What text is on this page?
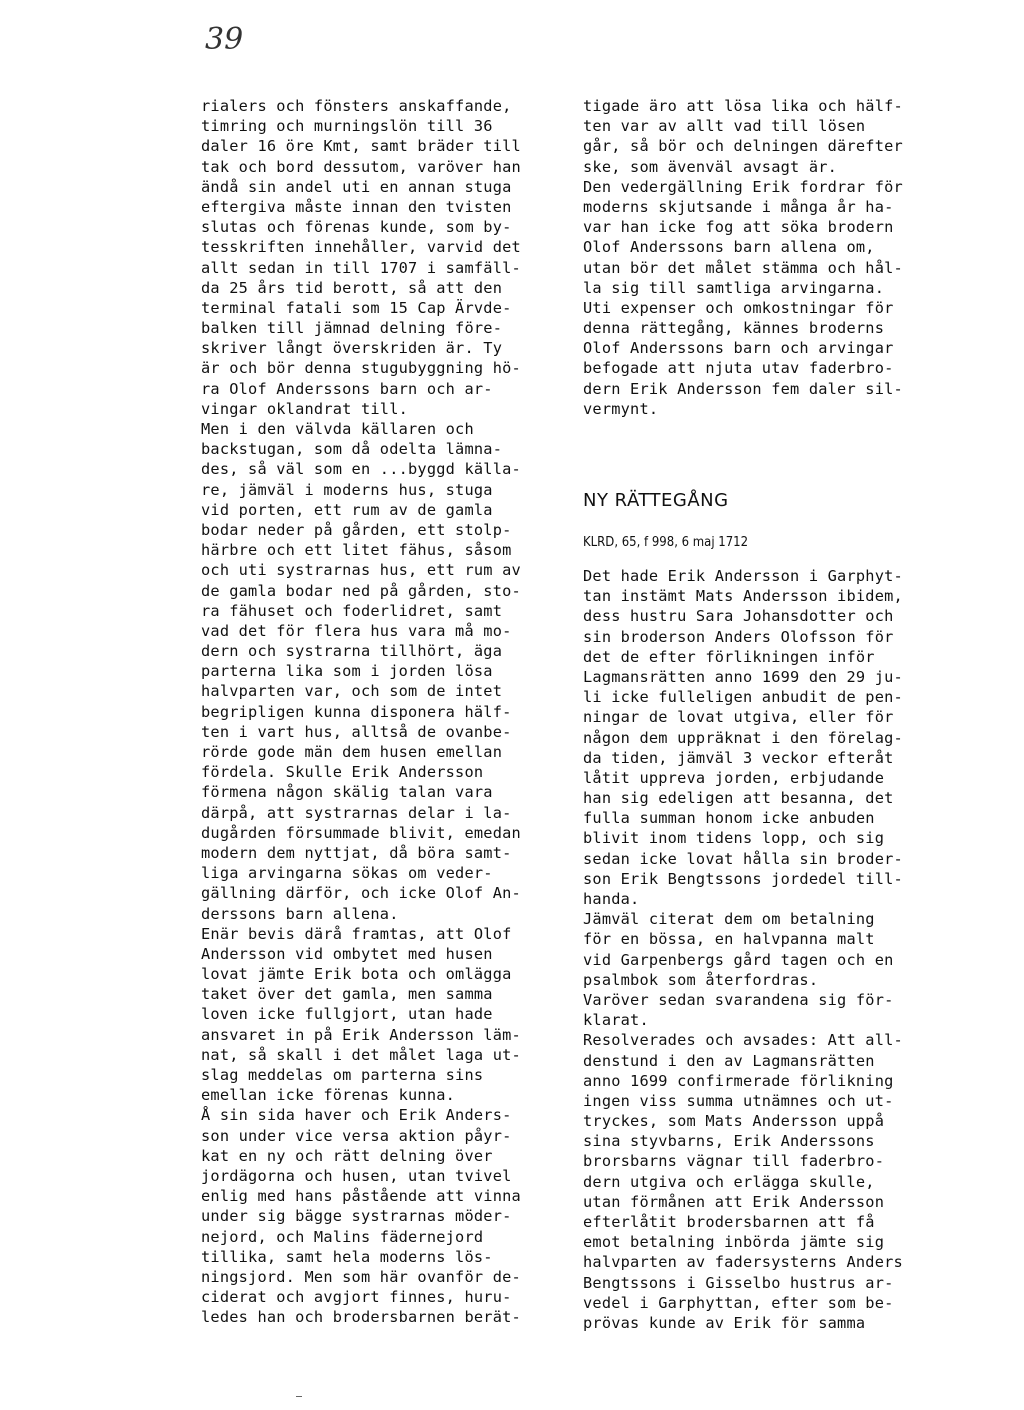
39
rialers och fönsters anskaffande,
timring och murningslön till 36
daler 16 öre Kmt, samt bräder till
tak och bord dessutom, varöver han
ändå sin andel uti en annan stuga
eftergiva måste innan den tvisten
slutas och förenas kunde, som by-
tesskriften innehåller, varvid det
allt sedan in till 1707 i samfäll-
da 25 års tid berott, så att den
terminal fatali som 15 Cap Ärvde-
balken till jämnad delning före-
skriver långt överskriden är. Ty
är och bör denna stugubyggning hö-
ra Olof Anderssons barn och ar-
vingar oklandrat till.
Men i den välvda källaren och
backstugan, som då odelta lämna-
des, så väl som en ...byggd källa-
re, jämväl i moderns hus, stuga
vid porten, ett rum av de gamla
bodar neder på gården, ett stolp-
härbre och ett litet fähus, såsom
och uti systrarnas hus, ett rum av
de gamla bodar ned på gården, sto-
ra fähuset och foderlidret, samt
vad det för flera hus vara må mo-
dern och systrarna tillhört, äga
parterna lika som i jorden lösa
halvparten var, och som de intet
begripligen kunna disponera hälf-
ten i vart hus, alltså de ovanbe-
rörde gode män dem husen emellan
fördela. Skulle Erik Andersson
förmena någon skälig talan vara
därpå, att systrarnas delar i la-
dugården försummade blivit, emedan
modern dem nyttjat, då böra samt-
liga arvingarna sökas om veder-
gällning därför, och icke Olof An-
derssons barn allena.
Enär bevis därå framtas, att Olof
Andersson vid ombytet med husen
lovat jämte Erik bota och omlägga
taket över det gamla, men samma
loven icke fullgjort, utan hade
ansvaret in på Erik Andersson läm-
nat, så skall i det målet laga ut-
slag meddelas om parterna sins
emellan icke förenas kunna.
Å sin sida haver och Erik Anders-
son under vice versa aktion påyr-
kat en ny och rätt delning över
jordägorna och husen, utan tvivel
enlig med hans påstående att vinna
under sig bägge systrarnas möder-
nejord, och Malins fädernejord
tillika, samt hela moderns lös-
ningsjord. Men som här ovanför de-
ciderat och avgjort finnes, huru-
ledes han och brodersbarnen berät-
tigade äro att lösa lika och hälf-
ten var av allt vad till lösen
går, så bör och delningen därefter
ske, som ävenväl avsagt är.
Den vedergällning Erik fordrar för
moderns skjutsande i många år ha-
var han icke fog att söka brodern
Olof Anderssons barn allena om,
utan bör det målet stämma och hål-
la sig till samtliga arvingarna.
Uti expenser och omkostningar för
denna rättegång, kännes broderns
Olof Anderssons barn och arvingar
befogade att njuta utav faderbro-
dern Erik Andersson fem daler sil-
vermynt.
NY RÄTTEGÅNG
KLRD, 65, f 998, 6 maj 1712
Det hade Erik Andersson i Garphyt-
tan instämt Mats Andersson ibidem,
dess hustru Sara Johansdotter och
sin broderson Anders Olofsson för
det de efter förlikningen inför
Lagmansrätten anno 1699 den 29 ju-
li icke fulleligen anbudit de pen-
ningar de lovat utgiva, eller för
någon dem uppräknat i den förelag-
da tiden, jämväl 3 veckor efteråt
låtit uppreva jorden, erbjudande
han sig edeligen att besanna, det
fulla summan honom icke anbuden
blivit inom tidens lopp, och sig
sedan icke lovat hålla sin broder-
son Erik Bengtssons jordedel till-
handa.
Jämväl citerat dem om betalning
för en bössa, en halvpanna malt
vid Garpenbergs gård tagen och en
psalmbok som återfordras.
Varöver sedan svarandena sig för-
klarat.
Resolverades och avsades: Att all-
denstund i den av Lagmansrätten
anno 1699 confirmerade förlikning
ingen viss summa utnämnes och ut-
tryckes, som Mats Andersson uppå
sina styvbarns, Erik Anderssons
brorsbarns vägnar till faderbro-
dern utgiva och erlägga skulle,
utan förmånen att Erik Andersson
efterlåtit brodersbarnen att få
emot betalning inbörda jämte sig
halvparten av fadersysterns Anders
Bengtssons i Gisselbo hustrus ar-
vedel i Garphyttan, efter som be-
prövas kunde av Erik för samma
